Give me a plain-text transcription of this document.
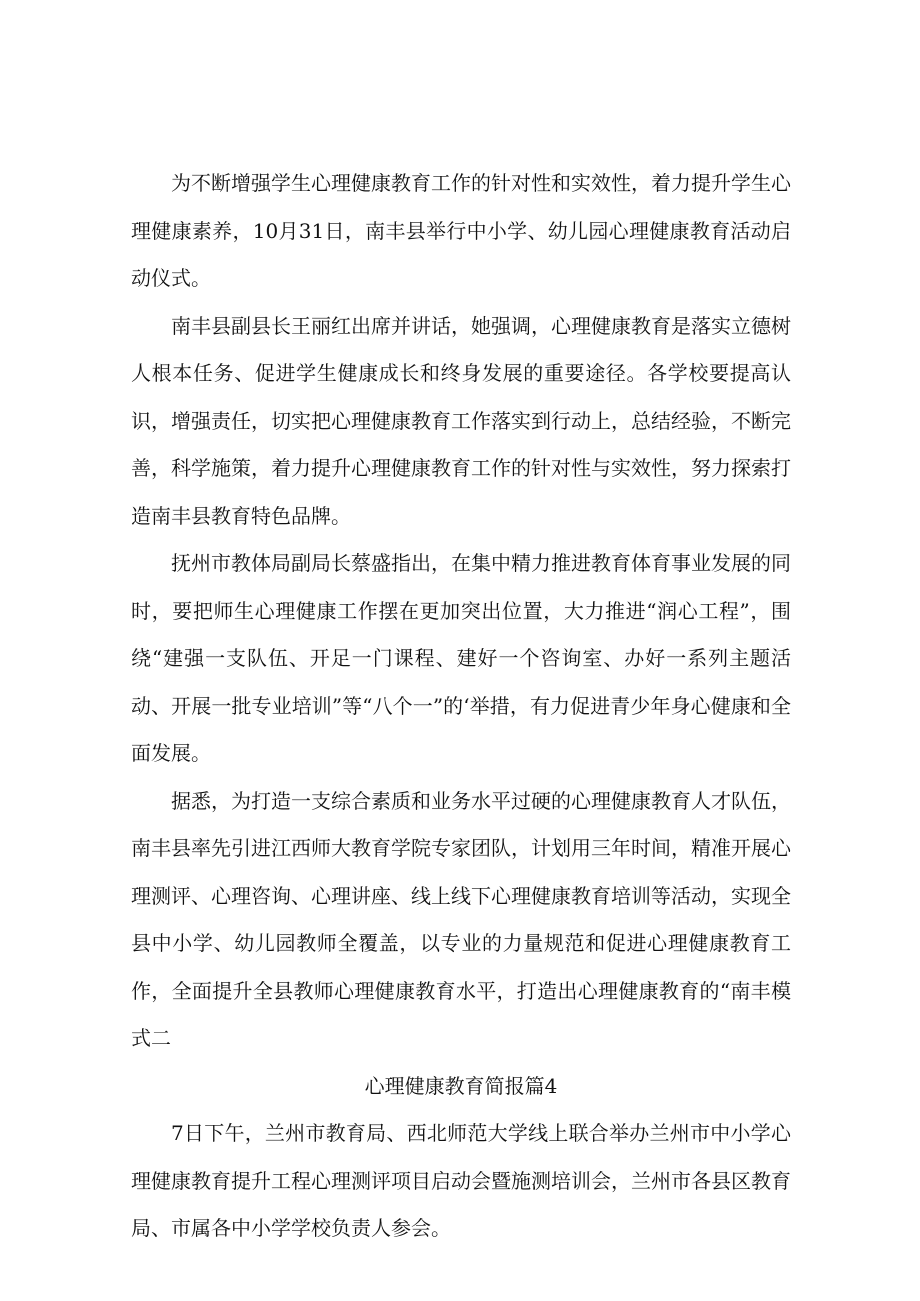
为不断增强学生心理健康教育工作的针对性和实效性，着力提升学生心理健康素养，10月31日，南丰县举行中小学、幼儿园心理健康教育活动启动仪式。

南丰县副县长王丽红出席并讲话，她强调，心理健康教育是落实立德树人根本任务、促进学生健康成长和终身发展的重要途径。各学校要提高认识，增强责任，切实把心理健康教育工作落实到行动上，总结经验，不断完善，科学施策，着力提升心理健康教育工作的针对性与实效性，努力探索打造南丰县教育特色品牌。

抚州市教体局副局长蔡盛指出，在集中精力推进教育体育事业发展的同时，要把师生心理健康工作摆在更加突出位置，大力推进“润心工程”，围绕“建强一支队伍、开足一门课程、建好一个咨询室、办好一系列主题活动、开展一批专业培训”等“八个一”的‘举措，有力促进青少年身心健康和全面发展。

据悉，为打造一支综合素质和业务水平过硬的心理健康教育人才队伍，南丰县率先引进江西师大教育学院专家团队，计划用三年时间，精准开展心理测评、心理咨询、心理讲座、线上线下心理健康教育培训等活动，实现全县中小学、幼儿园教师全覆盖，以专业的力量规范和促进心理健康教育工作，全面提升全县教师心理健康教育水平，打造出心理健康教育的“南丰模式二

心理健康教育简报篇4

7日下午，兰州市教育局、西北师范大学线上联合举办兰州市中小学心理健康教育提升工程心理测评项目启动会暨施测培训会，兰州市各县区教育局、市属各中小学学校负责人参会。
